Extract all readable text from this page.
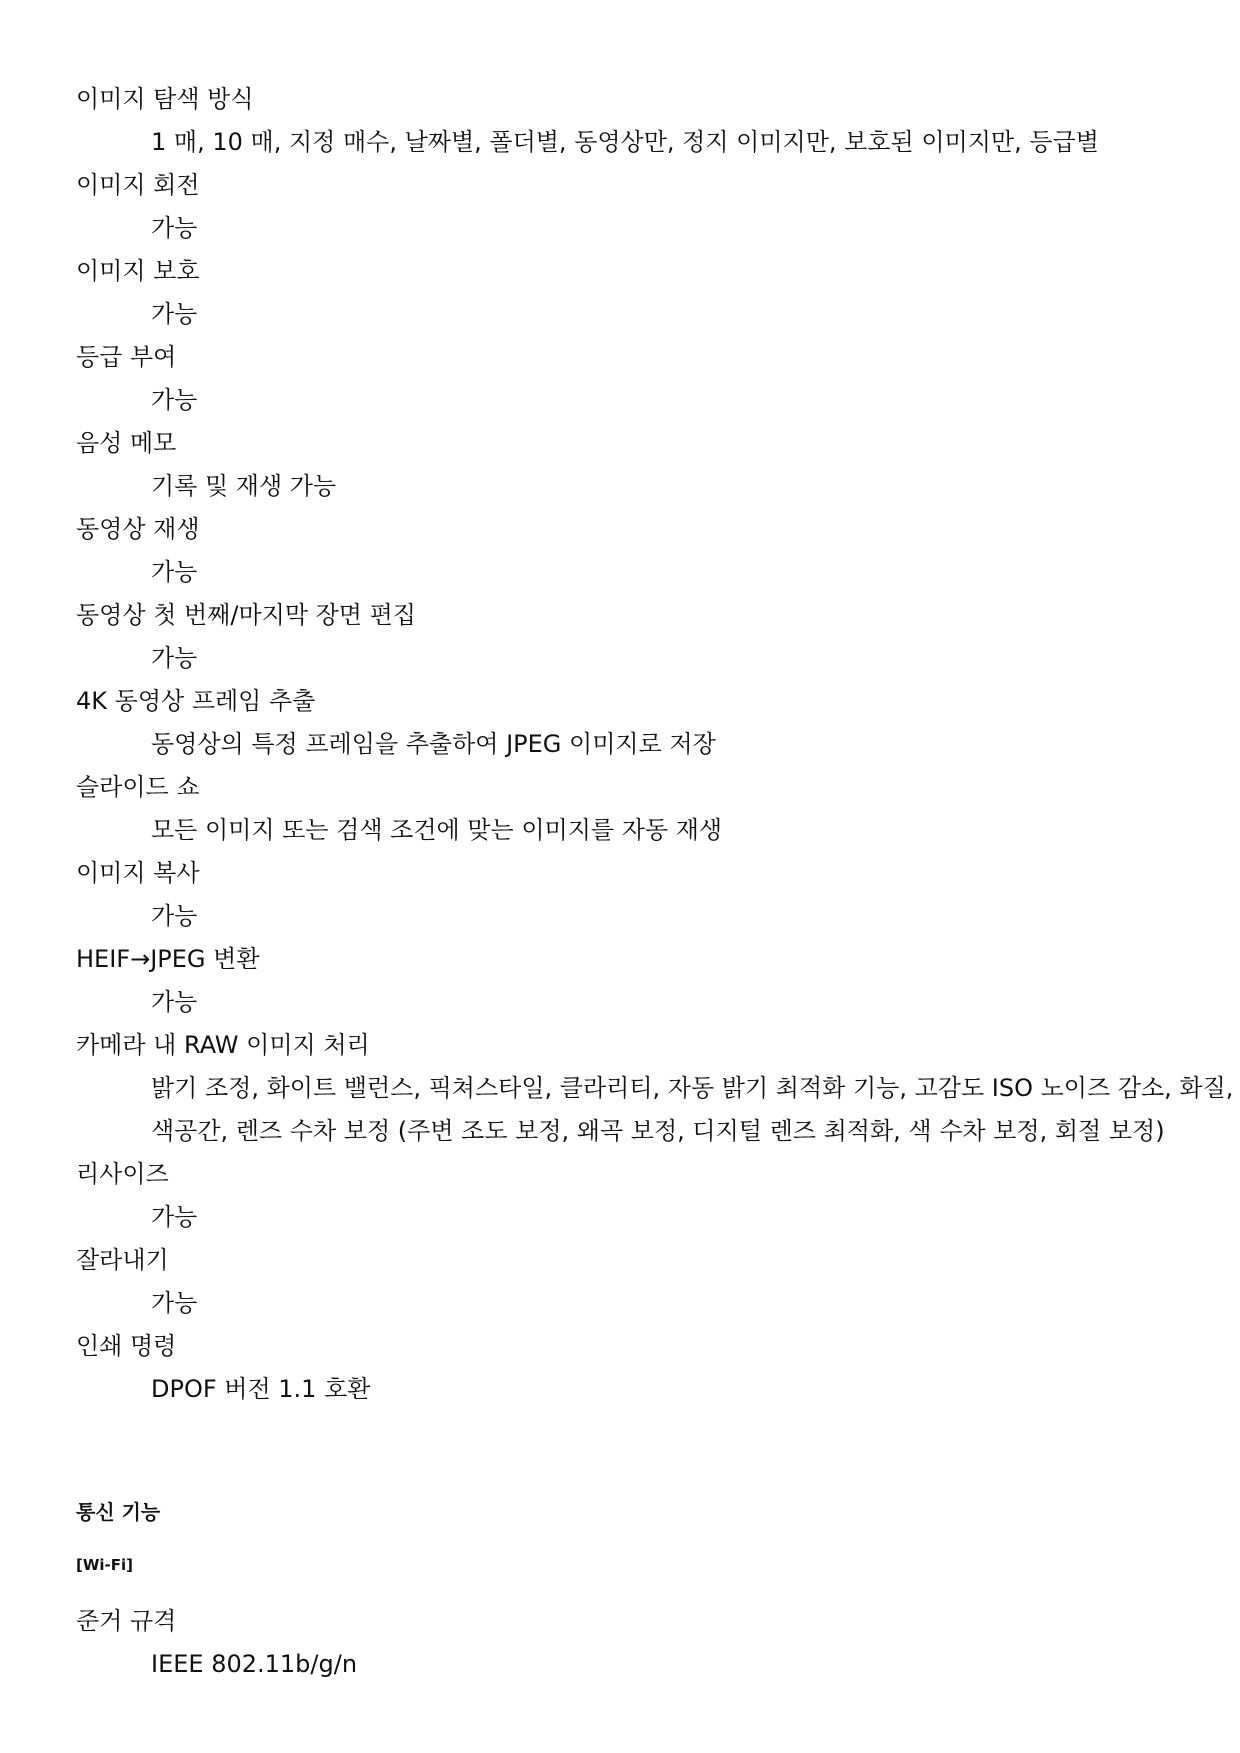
이미지 탐색 방식
1 매, 10 매, 지정 매수, 날짜별, 폴더별, 동영상만, 정지 이미지만, 보호된 이미지만, 등급별
이미지 회전
가능
이미지 보호
가능
등급 부여
가능
음성 메모
기록 및 재생 가능
동영상 재생
가능
동영상 첫 번째/마지막 장면 편집
가능
4K 동영상 프레임 추출
동영상의 특정 프레임을 추출하여 JPEG 이미지로 저장
슬라이드 쇼
모든 이미지 또는 검색 조건에 맞는 이미지를 자동 재생
이미지 복사
가능
HEIF→JPEG 변환
가능
카메라 내 RAW 이미지 처리
밝기 조정, 화이트 밸런스, 픽쳐스타일, 클라리티, 자동 밝기 최적화 기능, 고감도 ISO 노이즈 감소, 화질, 색공간, 렌즈 수차 보정 (주변 조도 보정, 왜곡 보정, 디지털 렌즈 최적화, 색 수차 보정, 회절 보정)
리사이즈
가능
잘라내기
가능
인쇄 명령
DPOF 버전 1.1 호환
통신 기능
[Wi-Fi]
준거 규격
IEEE 802.11b/g/n
